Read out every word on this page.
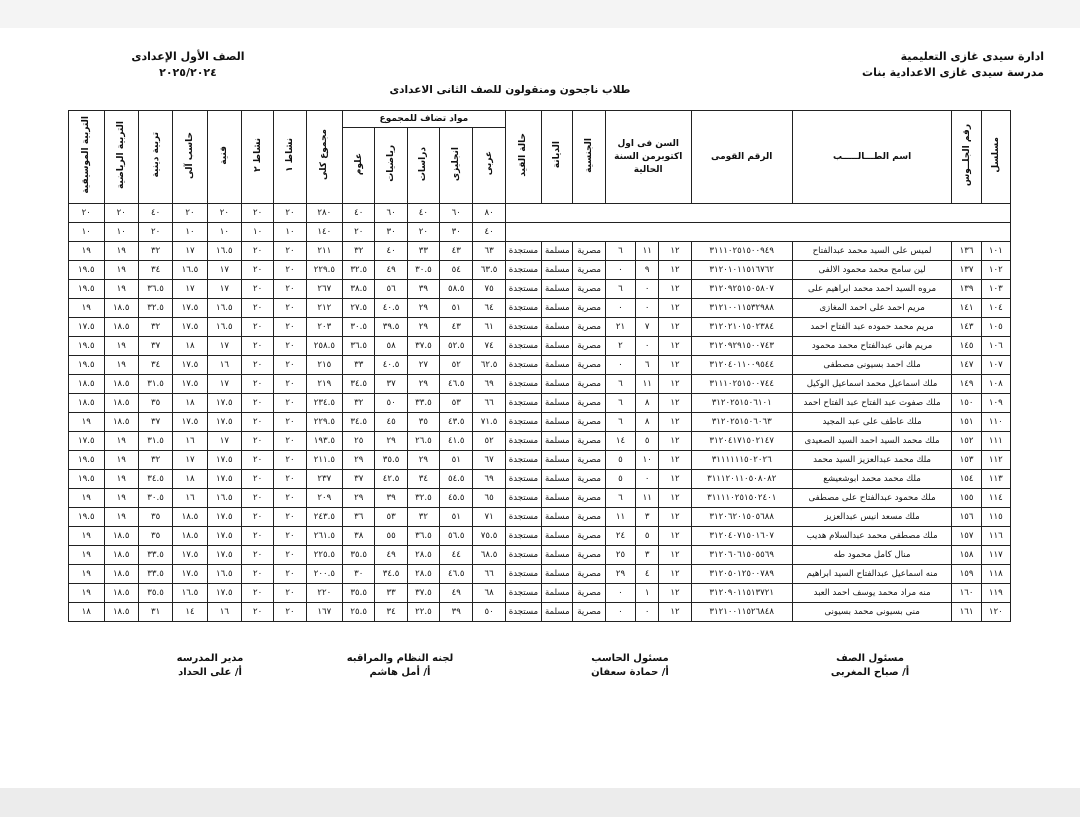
ادارة سيدى غازى التعليمية
مدرسة سيدى غازى الاعدادية بنات
الصف الأول الإعدادى
٢٠٢٥/٢٠٢٤
طلاب ناجحون ومنقولون للصف الثانى الاعدادى
مسلسل	رقم الجلــوس	اسم الطـــالـــــب	الرقم القومى	السن فى اول اكتوبرمن السنة الحالية			الجنسية	الديانة	حالة القيد	مواد تضاف للمجموع					مجموع كلى	نشاط ١	نشاط ٢	فنية	حاسب آلى	تربية دينية	التربية الرياضية	التربية الموسيقية
										عربى	انجليزى	دراسات	رياضيات	علوم								
										٨٠	٦٠	٤٠	٦٠	٤٠	٢٨٠	٢٠	٢٠	٢٠	٢٠	٤٠	٢٠	٢٠
										٤٠	٣٠	٢٠	٣٠	٢٠	١٤٠	١٠	١٠	١٠	١٠	٢٠	١٠	١٠
١٠١	١٣٦	لميس على السيد محمد عبدالفتاح	٣١١١٠٢٥١٥٠٠٩٤٩	١٢	١١	٦	مصرية	مسلمة	مستجدة	٦٣	٤٣	٣٣	٤٠	٣٢	٢١١	٢٠	٢٠	١٦.٥	١٧	٣٢	١٩	١٩
١٠٢	١٣٧	لين سامح محمد محمود الالفى	٣١٢٠١٠١١٥١٦٧٦٢	١٢	٩	٠	مصرية	مسلمة	مستجدة	٦٣.٥	٥٤	٣٠.٥	٤٩	٣٢.٥	٢٢٩.٥	٢٠	٢٠	١٧	١٦.٥	٣٤	١٩	١٩.٥
١٠٣	١٣٩	مروه السيد احمد محمد ابراهيم على	٣١٢٠٩٢٥١٥٠٥٨٠٧	١٢	٠	٦	مصرية	مسلمة	مستجدة	٧٥	٥٨.٥	٣٩	٥٦	٣٨.٥	٢٦٧	٢٠	٢٠	١٧	١٧	٣٦.٥	١٩	١٩.٥
١٠٤	١٤١	مريم احمد على احمد المغازى	٣١٢١٠٠١١٥٣٢٩٨٨	١٢	٠	٠	مصرية	مسلمة	مستجدة	٦٤	٥١	٢٩	٤٠.٥	٢٧.٥	٢١٢	٢٠	٢٠	١٦.٥	١٧.٥	٣٢.٥	١٨.٥	١٩
١٠٥	١٤٣	مريم محمد حموده عبد الفتاح احمد	٣١٢٠٢١٠١٥٠٢٣٨٤	١٢	٧	٢١	مصرية	مسلمة	مستجدة	٦١	٤٣	٢٩	٣٩.٥	٣٠.٥	٢٠٣	٢٠	٢٠	١٦.٥	١٧.٥	٣٢	١٨.٥	١٧.٥
١٠٦	١٤٥	مريم هانى عبدالفتاح محمد محمود	٣١٢٠٩٢٩١٥٠٠٧٤٣	١٢	٠	٢	مصرية	مسلمة	مستجدة	٧٤	٥٢.٥	٣٧.٥	٥٨	٣٦.٥	٢٥٨.٥	٢٠	٢٠	١٧	١٨	٣٧	١٩	١٩.٥
١٠٧	١٤٧	ملك احمد بسيونى مصطفى	٣١٢٠٤٠١١٠٠٩٥٤٤	١٢	٦	٠	مصرية	مسلمة	مستجدة	٦٢.٥	٥٢	٢٧	٤٠.٥	٣٣	٢١٥	٢٠	٢٠	١٦	١٧.٥	٣٤	١٩	١٩.٥
١٠٨	١٤٩	ملك اسماعيل محمد اسماعيل الوكيل	٣١١١٠٢٥١٥٠٠٧٤٤	١٢	١١	٦	مصرية	مسلمة	مستجدة	٦٩	٤٦.٥	٢٩	٣٧	٣٤.٥	٢١٩	٢٠	٢٠	١٧	١٧.٥	٣١.٥	١٨.٥	١٨.٥
١٠٩	١٥٠	ملك صفوت عبد الفتاح عبد الفتاح احمد	٣١٢٠٢٥١٥٠٦١٠١	١٢	٨	٦	مصرية	مسلمة	مستجدة	٦٦	٥٣	٣٣.٥	٥٠	٣٢	٢٣٤.٥	٢٠	٢٠	١٧.٥	١٨	٣٥	١٨.٥	١٨.٥
١١٠	١٥١	ملك عاطف على عبد المجيد	٣١٢٠٢٥١٥٠٦٠٦٣	١٢	٨	٦	مصرية	مسلمة	مستجدة	٧١.٥	٤٣.٥	٣٥	٤٥	٣٤.٥	٢٢٩.٥	٢٠	٢٠	١٧.٥	١٧.٥	٣٧	١٨.٥	١٩
١١١	١٥٢	ملك محمد السيد احمد السيد الصعيدى	٣١٢٠٤١٧١٥٠٢١٤٧	١٢	٥	١٤	مصرية	مسلمة	مستجدة	٥٢	٤١.٥	٢٦.٥	٢٩	٢٥	١٩٣.٥	٢٠	٢٠	١٧	١٦	٣١.٥	١٩	١٧.٥
١١٢	١٥٣	ملك محمد عبدالعزيز السيد محمد	٣١١١١١١٥٠٢٠٢٦	١٢	١٠	٥	مصرية	مسلمة	مستجدة	٦٧	٥١	٢٩	٣٥.٥	٢٩	٢١١.٥	٢٠	٢٠	١٧.٥	١٧	٣٢	١٩	١٩.٥
١١٣	١٥٤	ملك محمد محمد ابوشعيشع	٣١١١٢٠١١٠٥٠٨٠٨٢	١٢	٠	٥	مصرية	مسلمة	مستجدة	٦٩	٥٤.٥	٣٤	٤٢.٥	٣٧	٢٣٧	٢٠	٢٠	١٧.٥	١٨	٣٤.٥	١٩	١٩.٥
١١٤	١٥٥	ملك محمود عبدالفتاح على مصطفى	٣١١١١٠٢٥١٥٠٢٤٠١	١٢	١١	٦	مصرية	مسلمة	مستجدة	٦٥	٤٥.٥	٣٢.٥	٣٩	٢٩	٢٠٩	٢٠	٢٠	١٦.٥	١٦	٣٠.٥	١٩	١٩
١١٥	١٥٦	ملك مسعد انيس عبدالعزيز	٣١٢٠٦٢٠١٥٠٥٦٨٨	١٢	٣	١١	مصرية	مسلمة	مستجدة	٧١	٥١	٣٢	٥٣	٣٦	٢٤٣.٥	٢٠	٢٠	١٧.٥	١٨.٥	٣٥	١٩	١٩.٥
١١٦	١٥٧	ملك مصطفى محمد عبدالسلام هديب	٣١٢٠٤٠٧١٥٠١٦٠٧	١٢	٥	٢٤	مصرية	مسلمة	مستجدة	٧٥.٥	٥٦.٥	٣٦.٥	٥٥	٣٨	٢٦١.٥	٢٠	٢٠	١٧.٥	١٨.٥	٣٥	١٨.٥	١٩
١١٧	١٥٨	منال كامل محمود طه	٣١٢٠٦٠٦١٥٠٥٥٦٩	١٢	٣	٢٥	مصرية	مسلمة	مستجدة	٦٨.٥	٤٤	٢٨.٥	٤٩	٣٥.٥	٢٢٥.٥	٢٠	٢٠	١٧.٥	١٧.٥	٣٣.٥	١٨.٥	١٩
١١٨	١٥٩	منه اسماعيل عبدالفتاح السيد ابراهيم	٣١٢٠٥٠١٢٥٠٠٧٨٩	١٢	٤	٢٩	مصرية	مسلمة	مستجدة	٦٦	٤٦.٥	٢٨.٥	٣٤.٥	٣٠	٢٠٠.٥	٢٠	٢٠	١٦.٥	١٧.٥	٣٣.٥	١٨.٥	١٩
١١٩	١٦٠	منه مراد محمد يوسف احمد العبد	٣١٢٠٩٠١١٥١٣٧٢١	١٢	١	٠	مصرية	مسلمة	مستجدة	٦٨	٤٩	٣٧.٥	٣٣	٣٥.٥	٢٢٠	٢٠	٢٠	١٧.٥	١٦.٥	٣٥.٥	١٨.٥	١٩
١٢٠	١٦١	منى بسيونى محمد بسيونى	٣١٢١٠٠١١٥٢٦٨٤٨	١٢	٠	٠	مصرية	مسلمة	مستجدة	٥٠	٣٩	٢٢.٥	٣٤	٢٥.٥	١٦٧	٢٠	٢٠	١٦	١٤	٣١	١٨.٥	١٨
مسئول الصف
أ/ صباح المغربى
مسئول الحاسب
أ/ حمادة سعفان
لجنه النظام والمراقبه
أ/ أمل هاشم
مدير المدرسه
أ/ على الحداد
